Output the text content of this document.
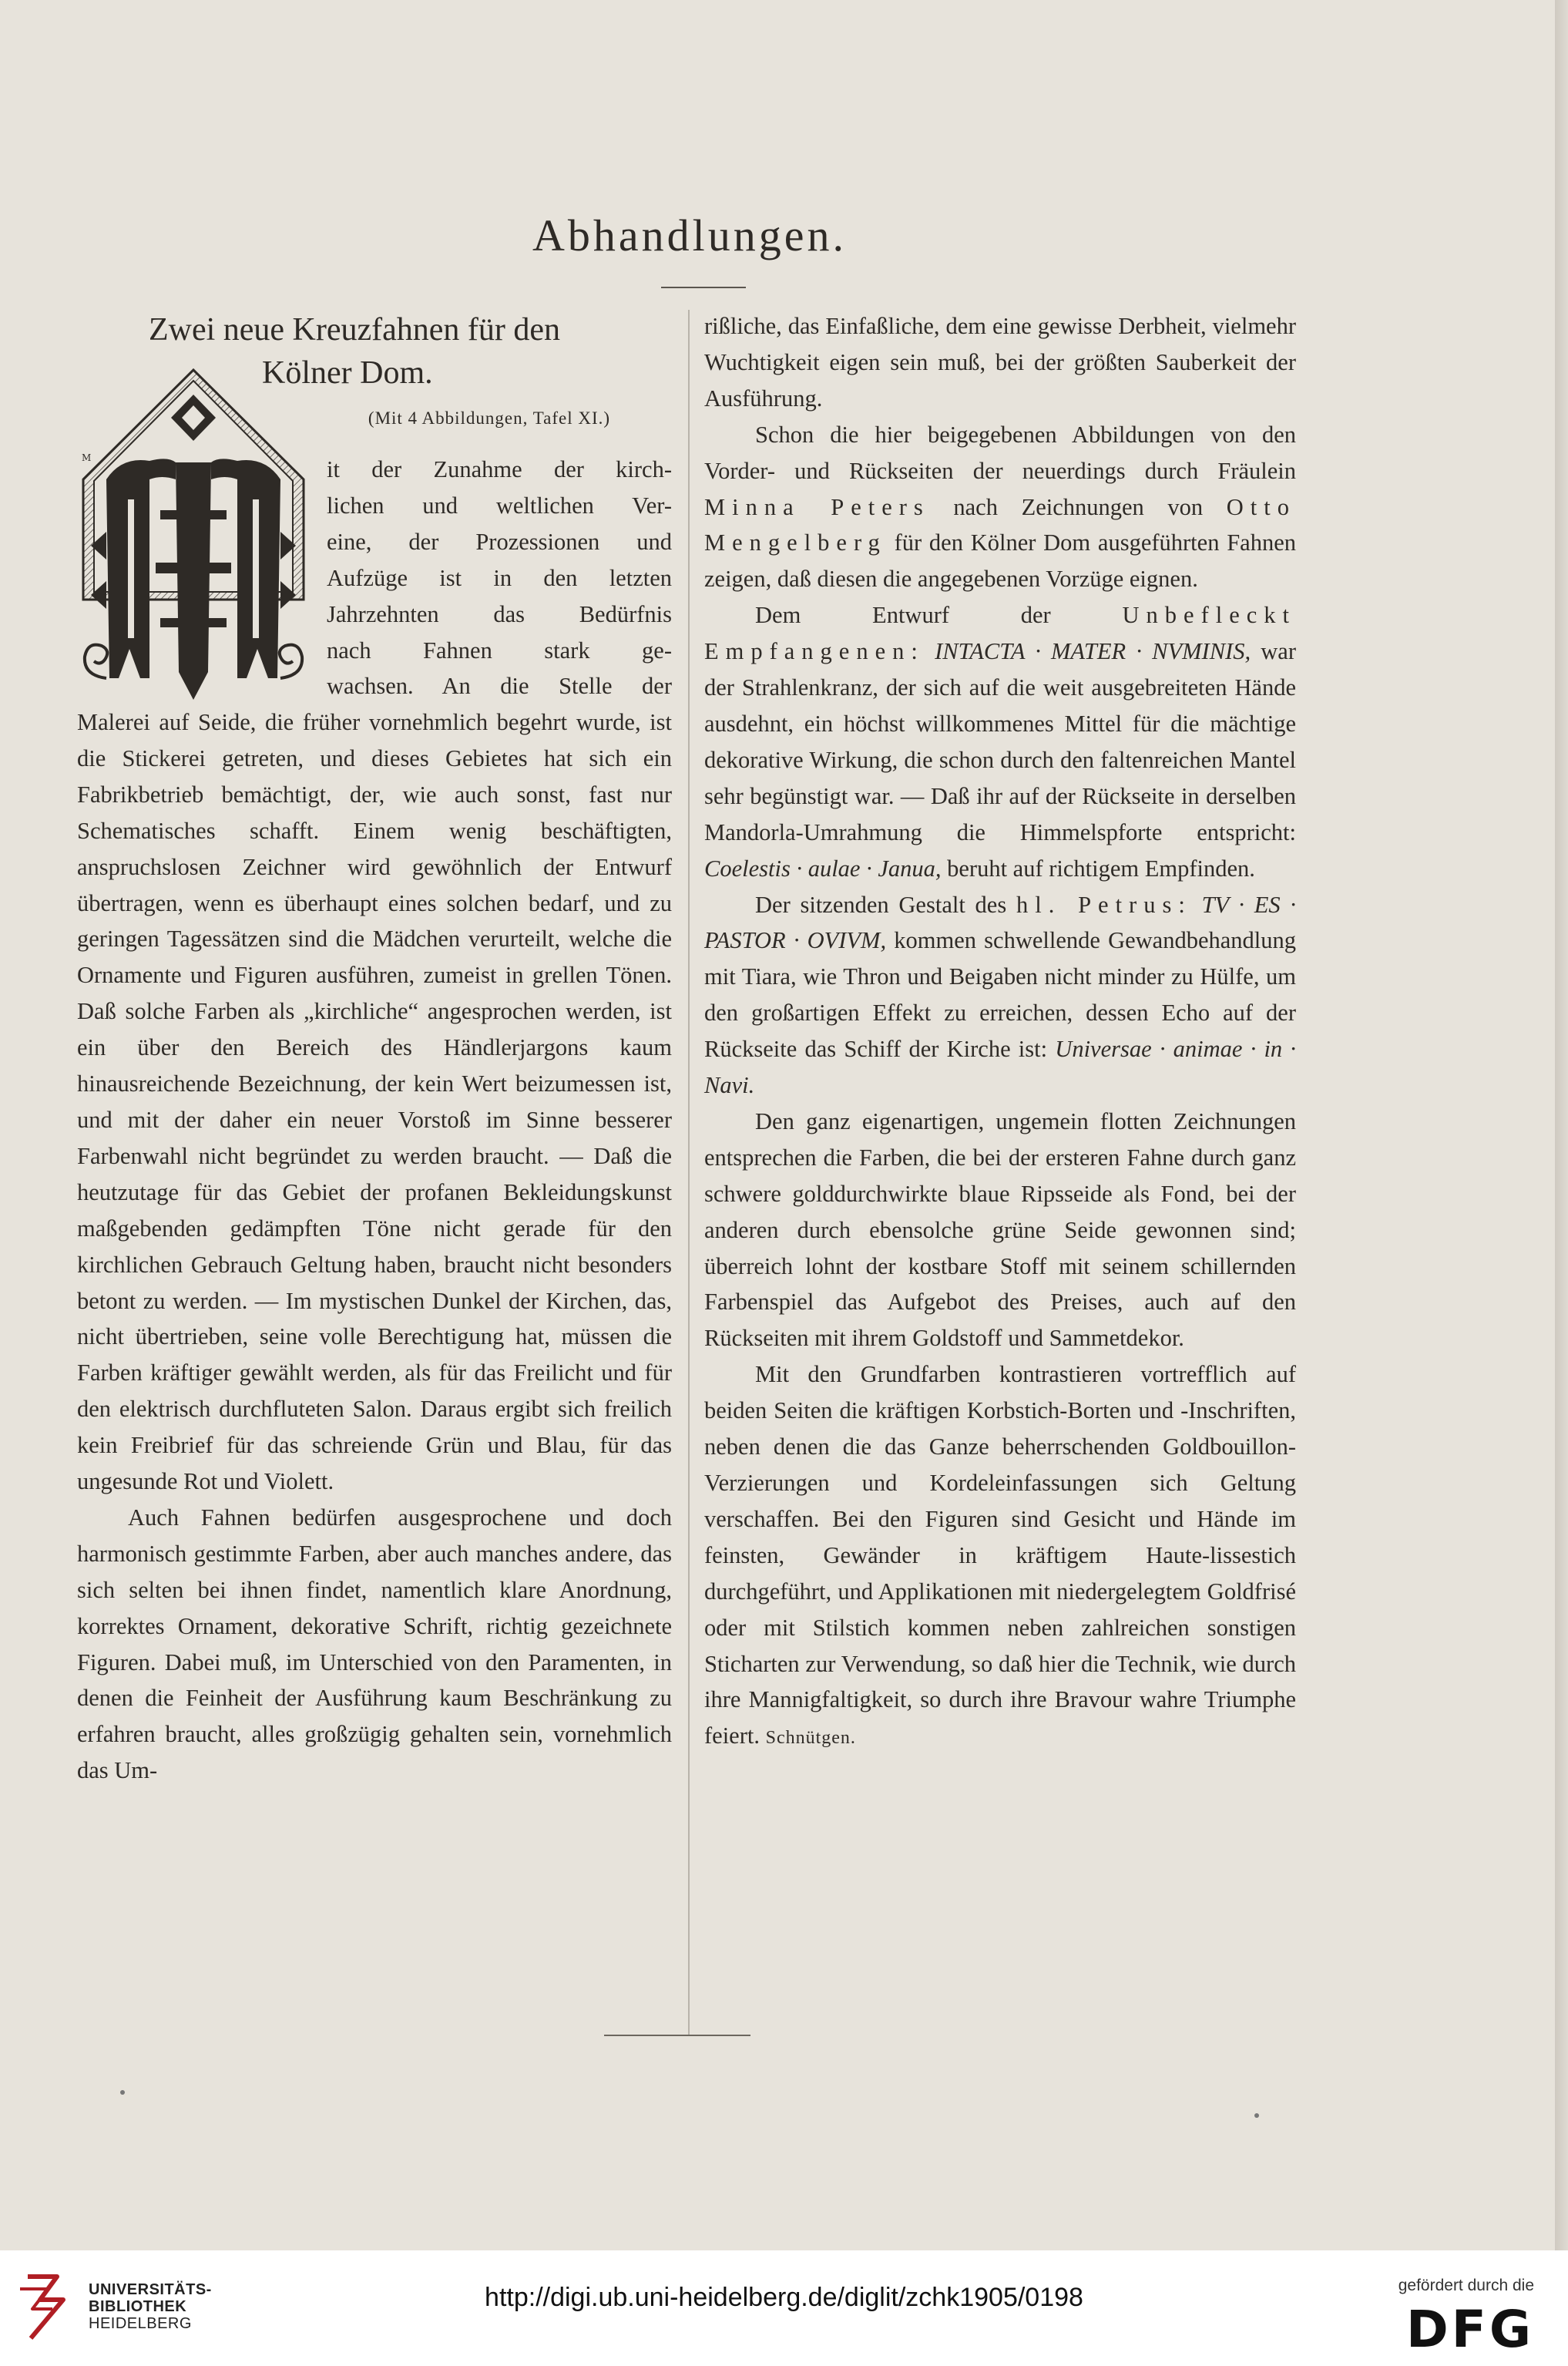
Abhandlungen.
Zwei neue Kreuzfahnen für den
Kölner Dom.
(Mit 4 Abbildungen, Tafel XI.)
M	it der Zunahme der kirch-
lichen und weltlichen Ver-
eine, der Prozessionen und
Aufzüge ist in den letzten
Jahrzehnten das Bedürfnis
nach Fahnen stark ge-
wachsen. An die Stelle der

Malerei auf Seide, die früher vornehmlich begehrt wurde, ist die Stickerei getreten, und dieses Gebietes hat sich ein Fabrikbetrieb bemächtigt, der, wie auch sonst, fast nur Schematisches schafft. Einem wenig beschäftigten, anspruchslosen Zeichner wird gewöhnlich der Entwurf übertragen, wenn es überhaupt eines solchen bedarf, und zu geringen Tagessätzen sind die Mädchen verurteilt, welche die Ornamente und Figuren ausführen, zumeist in grellen Tönen. Daß solche Farben als „kirchliche“ angesprochen werden, ist ein über den Bereich des Händlerjargons kaum hinausreichende Bezeichnung, der kein Wert beizumessen ist, und mit der daher ein neuer Vorstoß im Sinne besserer Farbenwahl nicht begründet zu werden braucht. — Daß die heutzutage für das Gebiet der profanen Bekleidungskunst maßgebenden gedämpften Töne nicht gerade für den kirchlichen Gebrauch Geltung haben, braucht nicht besonders betont zu werden. — Im mystischen Dunkel der Kirchen, das, nicht übertrieben, seine volle Berechtigung hat, müssen die Farben kräftiger gewählt werden, als für das Freilicht und für den elektrisch durchfluteten Salon. Daraus ergibt sich freilich kein Freibrief für das schreiende Grün und Blau, für das ungesunde Rot und Violett.

Auch Fahnen bedürfen ausgesprochene und doch harmonisch gestimmte Farben, aber auch manches andere, das sich selten bei ihnen findet, namentlich klare Anordnung, korrektes Ornament, dekorative Schrift, richtig gezeichnete Figuren. Dabei muß, im Unterschied von den Paramenten, in denen die Feinheit der Ausführung kaum Beschränkung zu erfahren braucht, alles großzügig gehalten sein, vornehmlich das Um-

rißliche, das Einfaßliche, dem eine gewisse Derbheit, vielmehr Wuchtigkeit eigen sein muß, bei der größten Sauberkeit der Ausführung.

Schon die hier beigegebenen Abbildungen von den Vorder- und Rückseiten der neuerdings durch Fräulein Minna Peters nach Zeichnungen von Otto Mengelberg für den Kölner Dom ausgeführten Fahnen zeigen, daß diesen die angegebenen Vorzüge eignen.

Dem Entwurf der Unbefleckt Empfangenen: INTACTA · MATER · NVMINIS, war der Strahlenkranz, der sich auf die weit ausgebreiteten Hände ausdehnt, ein höchst willkommenes Mittel für die mächtige dekorative Wirkung, die schon durch den faltenreichen Mantel sehr begünstigt war. — Daß ihr auf der Rückseite in derselben Mandorla-Umrahmung die Himmelspforte entspricht: Coelestis · aulae · Janua, beruht auf richtigem Empfinden.

Der sitzenden Gestalt des hl. Petrus: TV · ES · PASTOR · OVIVM, kommen schwellende Gewandbehandlung mit Tiara, wie Thron und Beigaben nicht minder zu Hülfe, um den großartigen Effekt zu erreichen, dessen Echo auf der Rückseite das Schiff der Kirche ist: Universae · animae · in · Navi.

Den ganz eigenartigen, ungemein flotten Zeichnungen entsprechen die Farben, die bei der ersteren Fahne durch ganz schwere golddurchwirkte blaue Ripsseide als Fond, bei der anderen durch ebensolche grüne Seide gewonnen sind; überreich lohnt der kostbare Stoff mit seinem schillernden Farbenspiel das Aufgebot des Preises, auch auf den Rückseiten mit ihrem Goldstoff und Sammetdekor.

Mit den Grundfarben kontrastieren vortrefflich auf beiden Seiten die kräftigen Korbstich-Borten und -Inschriften, neben denen die das Ganze beherrschenden Goldbouillon-Verzierungen und Kordeleinfassungen sich Geltung verschaffen. Bei den Figuren sind Gesicht und Hände im feinsten, Gewänder in kräftigem Haute-lissestich durchgeführt, und Applikationen mit niedergelegtem Goldfrisé oder mit Stilstich kommen neben zahlreichen sonstigen Sticharten zur Verwendung, so daß hier die Technik, wie durch ihre Mannigfaltigkeit, so durch ihre Bravour wahre Triumphe feiert. Schnütgen.

UNIVERSITÄTS-
BIBLIOTHEK
HEIDELBERG
http://digi.ub.uni-heidelberg.de/diglit/zchk1905/0198	gefördert durch die
DFG
